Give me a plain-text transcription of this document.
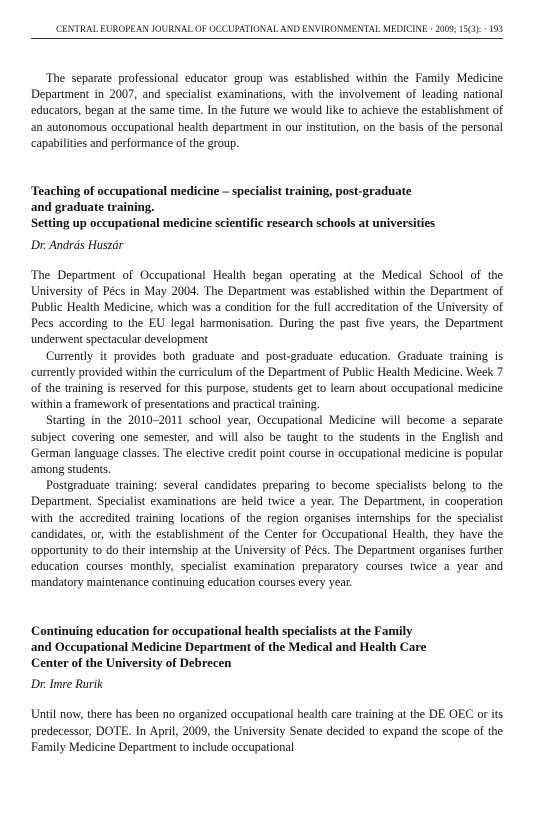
CENTRAL EUROPEAN JOURNAL OF OCCUPATIONAL AND ENVIRONMENTAL MEDICINE · 2009; 15(3): · 193

The separate professional educator group was established within the Family Medicine Department in 2007, and specialist examinations, with the involvement of leading national educators, began at the same time. In the future we would like to achieve the establishment of an autonomous occupational health department in our institution, on the basis of the personal capabilities and performance of the group.

Teaching of occupational medicine – specialist training, post-graduate

and graduate training.

Setting up occupational medicine scientific research schools at universities

Dr. András Huszár

The Department of Occupational Health began operating at the Medical School of the University of Pécs in May 2004. The Department was established within the Department of Public Health Medicine, which was a condition for the full accreditation of the University of Pecs according to the EU legal harmonisation. During the past five years, the Department underwent spectacular development

Currently it provides both graduate and post-graduate education. Graduate training is currently provided within the curriculum of the Department of Public Health Medicine. Week 7 of the training is reserved for this purpose, students get to learn about occupational medicine within a framework of presentations and practical training.

Starting in the 2010–2011 school year, Occupational Medicine will become a separate subject covering one semester, and will also be taught to the students in the English and German language classes. The elective credit point course in occupational medicine is popular among students.

Postgraduate training: several candidates preparing to become specialists belong to the Department. Specialist examinations are held twice a year. The Department, in cooperation with the accredited training locations of the region organises internships for the specialist candidates, or, with the establishment of the Center for Occupational Health, they have the opportunity to do their internship at the University of Pécs. The Department organises further education courses monthly, specialist examination preparatory courses twice a year and mandatory maintenance continuing education courses every year.

Continuing education for occupational health specialists at the Family

and Occupational Medicine Department of the Medical and Health Care

Center of the University of Debrecen

Dr. Imre Rurik

Until now, there has been no organized occupational health care training at the DE OEC or its predecessor, DOTE. In April, 2009, the University Senate decided to expand the scope of the Family Medicine Department to include occupational
